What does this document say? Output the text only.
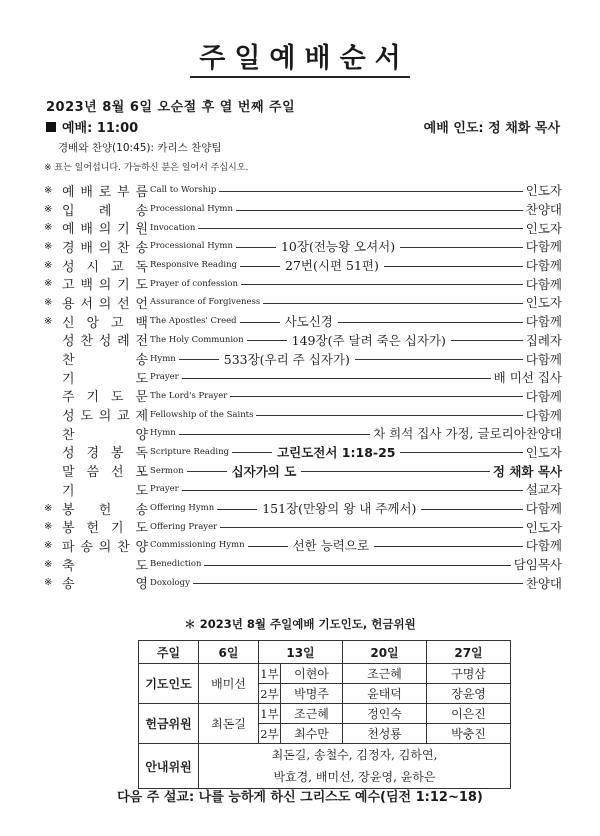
주일예배순서
2023년 8월 6일 오순절 후 열 번째 주일
예배: 11:00	예배 인도: 정 채화 목사
경배와 찬양(10:45): 카리스 찬양팀
※ 표는 일어섭니다. 가능하신 분은 일어서 주십시오.
※ 예 배 로 부 름 Call to Worship	인도자
※ 입 례 송 Processional Hymn	찬양대
※ 예 배 의 기 원 Invocation	인도자
※ 경 배 의 찬 송 Processional Hymn	10장(전능왕 오셔서)	다함께
※ 성 시 교 독 Responsive Reading	27번(시편 51편)	다함께
※ 고 백 의 기 도 Prayer of confession	다함께
※ 용 서 의 선 언 Assurance of Forgiveness	인도자
※ 신 앙 고 백 The Apostles' Creed	사도신경	다함께
성 찬 성 례 전 The Holy Communion	149장(주 달려 죽은 십자가)	집례자
찬	송 Hymn	533장(우리 주 십자가)	다함께
기	도 Prayer	배 미선 집사
주 기 도 문 The Lord's Prayer	다함께
성 도 의 교 제 Fellowship of the Saints	다함께
찬	양 Hymn	차 희석 집사 가정, 글로리아찬양대
성 경 봉 독 Scripture Reading	고린도전서 1:18-25	인도자
말 씀 선 포 Sermon	십자가의 도	정 채화 목사
기	도 Prayer	설교자
※ 봉 헌 송 Offering Hymn	151장(만왕의 왕 내 주께서)	다함께
※ 봉 헌 기 도 Offering Prayer	인도자
※ 파 송 의 찬 양 Commissioning Hymn	선한 능력으로	다함께
※ 축	도 Benediction	담임목사
※ 송	영 Doxology	찬양대
＊ 2023년 8월 주일예배 기도인도, 헌금위원
주일	6일	13일		20일	27일
기도인도	배미선	1부	이현아	조근혜	구명삼
		2부	박명주	윤태덕	장윤영
헌금위원	최돈길	1부	조근혜	정인숙	이은진
		2부	최수만	천성룡	박충진
안내위원	최돈길, 송철수, 김정자, 김하연,
박효경, 배미선, 장윤영, 윤하은				
다음 주 설교: 나를 능하게 하신 그리스도 예수(딤전 1:12~18)
